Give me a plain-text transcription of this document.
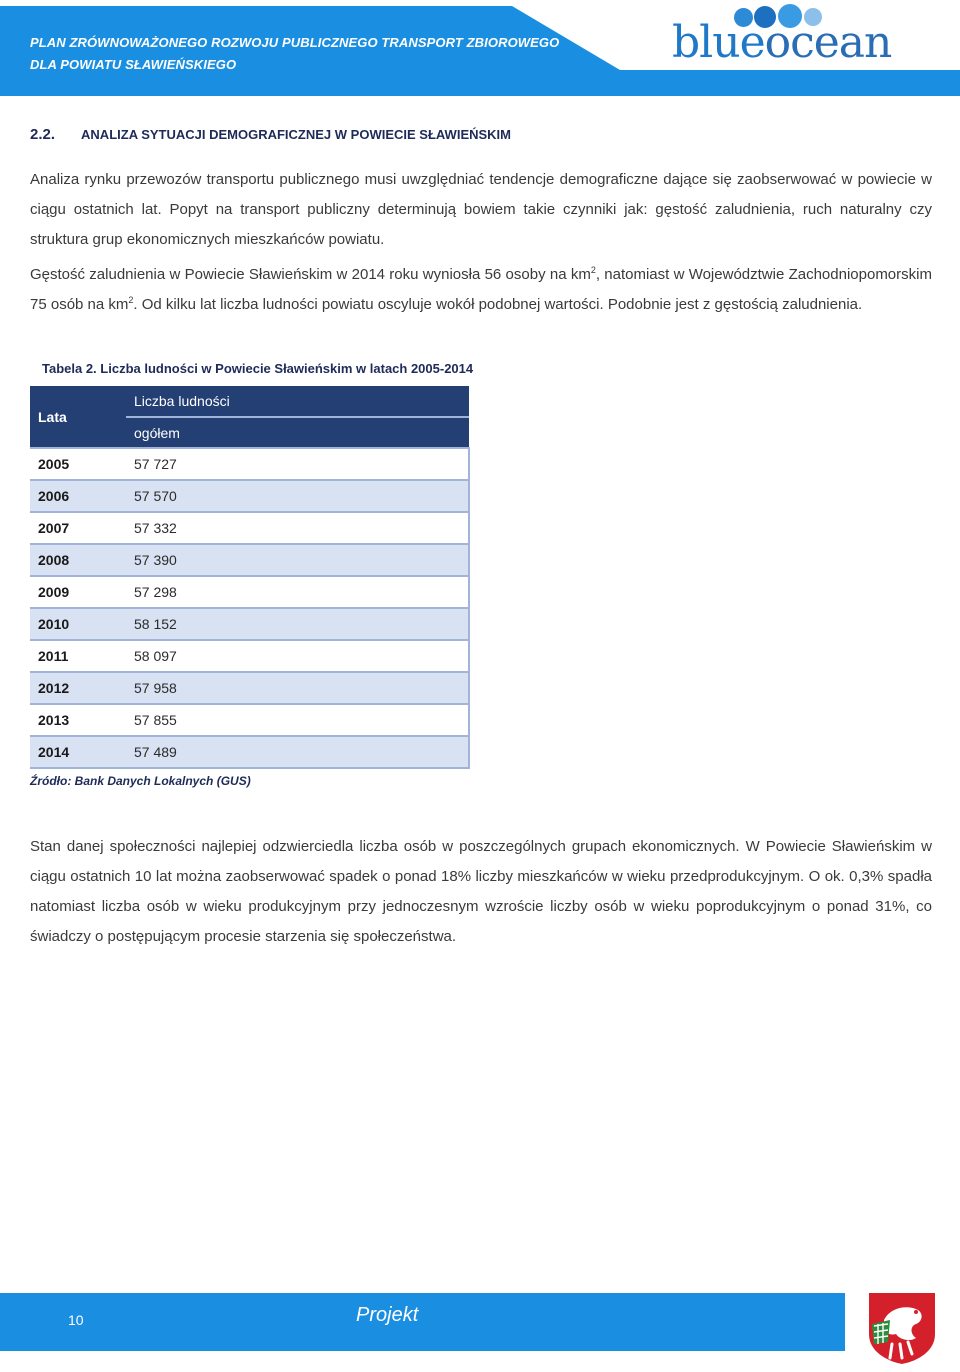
PLAN ZRÓWNOWAŻONEGO ROZWOJU PUBLICZNEGO TRANSPORT ZBIOROWEGO
DLA POWIATU SŁAWIEŃSKIEGO	blueocean
2.2. ANALIZA SYTUACJI DEMOGRAFICZNEJ W POWIECIE SŁAWIEŃSKIM
Analiza rynku przewozów transportu publicznego musi uwzględniać tendencje demograficzne dające się zaobserwować w powiecie w ciągu ostatnich lat. Popyt na transport publiczny determinują bowiem takie czynniki jak: gęstość zaludnienia, ruch naturalny czy struktura grup ekonomicznych mieszkańców powiatu.
Gęstość zaludnienia w Powiecie Sławieńskim w 2014 roku wyniosła 56 osoby na $km^2$, natomiast w Województwie Zachodniopomorskim 75 osób na $km^2$. Od kilku lat liczba ludności powiatu oscyluje wokół podobnej wartości. Podobnie jest z gęstością zaludnienia.
Tabela 2. Liczba ludności w Powiecie Sławieńskim w latach 2005-2014
Lata	Liczba ludności
	ogółem
2005	57 727
2006	57 570
2007	57 332
2008	57 390
2009	57 298
2010	58 152
2011	58 097
2012	57 958
2013	57 855
2014	57 489
Źródło: Bank Danych Lokalnych (GUS)
Stan danej społeczności najlepiej odzwierciedla liczba osób w poszczególnych grupach ekonomicznych. W Powiecie Sławieńskim w ciągu ostatnich 10 lat można zaobserwować spadek o ponad 18% liczby mieszkańców w wieku przedprodukcyjnym. O ok. 0,3% spadła natomiast liczba osób w wieku produkcyjnym przy jednoczesnym wzroście liczby osób w wieku poprodukcyjnym o ponad 31%, co świadczy o postępującym procesie starzenia się społeczeństwa.
10	Projekt
